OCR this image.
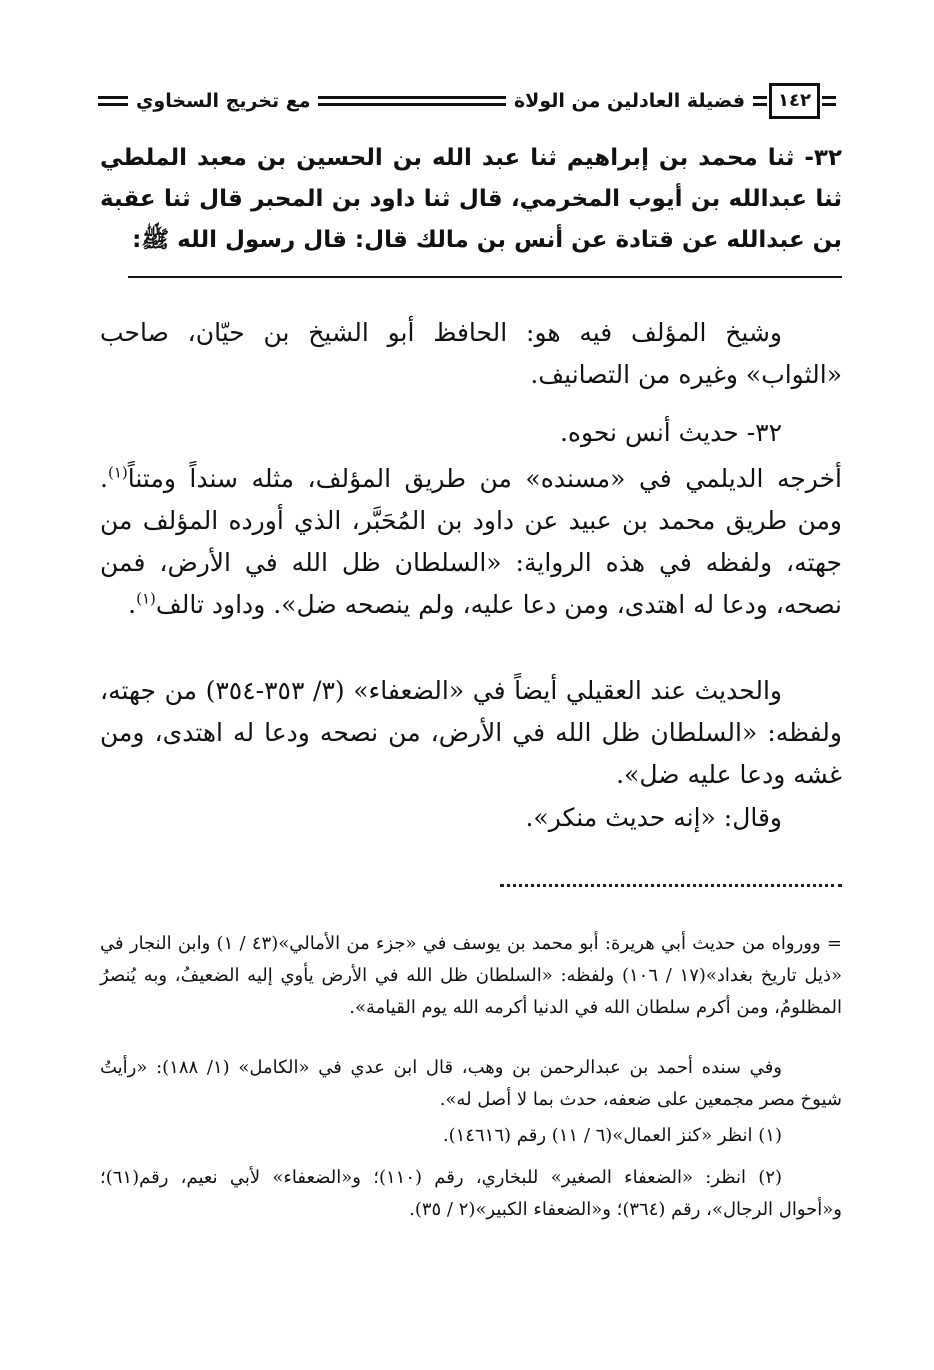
١٤٢
فضيلة العادلين من الولاة
مع تخريج السخاوي
٣٢- ثنا محمد بن إبراهيم ثنا عبد الله بن الحسين بن معبد الملطي ثنا عبدالله بن أيوب المخرمي، قال ثنا داود بن المحبر قال ثنا عقبة بن عبدالله عن قتادة عن أنس بن مالك قال: قال رسول الله ﷺ:
وشيخ المؤلف فيه هو: الحافظ أبو الشيخ بن حيّان، صاحب «الثواب» وغيره من التصانيف.
٣٢- حديث أنس نحوه.
أخرجه الديلمي في «مسنده» من طريق المؤلف، مثله سنداً ومتناً$^{(١)}$. ومن طريق محمد بن عبيد عن داود بن المُحَبَّر، الذي أورده المؤلف من جهته، ولفظه في هذه الرواية: «السلطان ظل الله في الأرض، فمن نصحه، ودعا له اهتدى، ومن دعا عليه، ولم ينصحه ضل». وداود تالف$^{(١)}$.
والحديث عند العقيلي أيضاً في «الضعفاء» (٣/ ٣٥٣-٣٥٤) من جهته، ولفظه: «السلطان ظل الله في الأرض، من نصحه ودعا له اهتدى، ومن غشه ودعا عليه ضل».
وقال: «إنه حديث منكر».
= وورواه من حديث أبي هريرة: أبو محمد بن يوسف في «جزء من الأمالي»(٤٣ / ١) وابن النجار في «ذيل تاريخ بغداد»(١٧ / ١٠٦) ولفظه: «السلطان ظل الله في الأرض يأوي إليه الضعيفُ، وبه يُنصرُ المظلومُ، ومن أكرم سلطان الله في الدنيا أكرمه الله يوم القيامة».
وفي سنده أحمد بن عبدالرحمن بن وهب، قال ابن عدي في «الكامل» (١/ ١٨٨): «رأيتُ شيوخ مصر مجمعين على ضعفه، حدث بما لا أصل له».
(١) انظر «كنز العمال»(٦ / ١١) رقم (١٤٦١٦).
(٢) انظر: «الضعفاء الصغير» للبخاري، رقم (١١٠)؛ و«الضعفاء» لأبي نعيم، رقم(٦١)؛ و«أحوال الرجال»، رقم (٣٦٤)؛ و«الضعفاء الكبير»(٢ / ٣٥).
